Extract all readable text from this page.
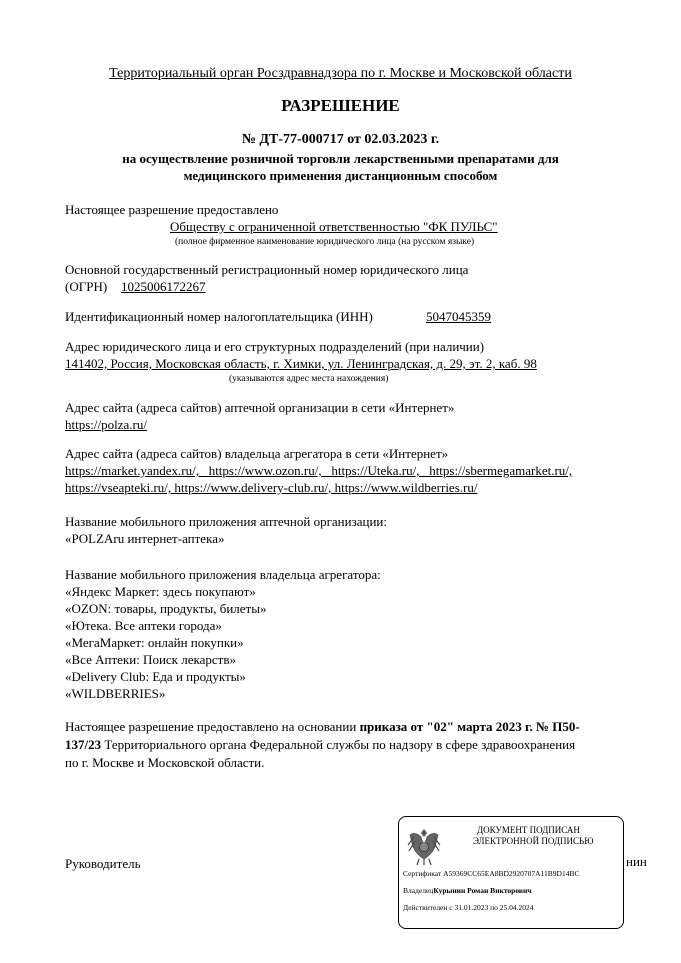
Территориальный орган Росздравнадзора по г. Москве и Московской области
РАЗРЕШЕНИЕ
№ ДТ-77-000717 от 02.03.2023 г.
на осуществление розничной торговли лекарственными препаратами для
медицинского применения дистанционным способом
Настоящее разрешение предоставлено
Обществу с ограниченной ответственностью "ФК ПУЛЬС"
(полное фирменное наименование юридического лица (на русском языке)
Основной государственный регистрационный номер юридического лица
(ОГРН) 1025006172267
Идентификационный номер налогоплательщика (ИНН)	5047045359
Адрес юридического лица и его структурных подразделений (при наличии)
141402, Россия, Московская область, г. Химки, ул. Ленинградская, д. 29, эт. 2, каб. 98
(указываются адрес места нахождения)
Адрес сайта (адреса сайтов) аптечной организации в сети «Интернет»
https://polza.ru/
Адрес сайта (адреса сайтов) владельца агрегатора в сети «Интернет»
https://market.yandex.ru/,   https://www.ozon.ru/,   https://Uteka.ru/,   https://sbermegamarket.ru/,
https://vseapteki.ru/, https://www.delivery-club.ru/, https://www.wildberries.ru/
Название мобильного приложения аптечной организации:
«POLZAru интернет-аптека»
Название мобильного приложения владельца агрегатора:
«Яндекс Маркет: здесь покупают»
«OZON: товары, продукты, билеты»
«Ютека. Все аптеки города»
«МегаМаркет: онлайн покупки»
«Все Аптеки: Поиск лекарств»
«Delivery Club: Еда и продукты»
«WILDBERRIES»
Настоящее разрешение предоставлено на основании приказа от "02" марта 2023 г. № П50-
137/23 Территориального органа Федеральной службы по надзору в сфере здравоохранения
по г. Москве и Московской области.
Руководитель	нин
ДОКУМЕНТ ПОДПИСАН
ЭЛЕКТРОННОЙ ПОДПИСЬЮ
Сертификат A59369CC65EA8BD2920707A11B9D14BC
ВладелецКурынин Роман Викторович
Действителен с 31.01.2023 по 25.04.2024
